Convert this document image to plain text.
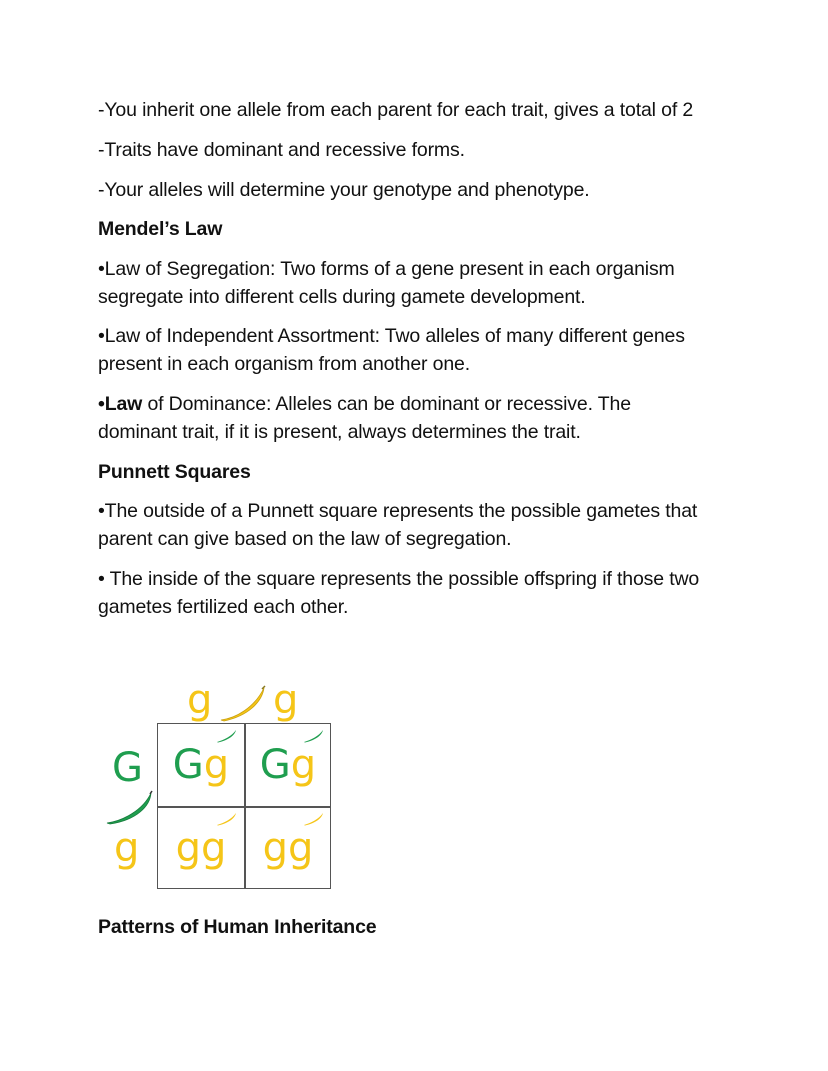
-You inherit one allele from each parent for each trait, gives a total of 2
-Traits have dominant and recessive forms.
-Your alleles will determine your genotype and phenotype.
Mendel’s Law
•Law of Segregation: Two forms of a gene present in each organism
segregate into different cells during gamete development.
•Law of Independent Assortment: Two alleles of many different genes
present in each organism from another one.
•Law of Dominance: Alleles can be dominant or recessive. The
dominant trait, if it is present, always determines the trait.
Punnett Squares
•The outside of a Punnett square represents the possible gametes that
parent can give based on the law of segregation.
• The inside of the square represents the possible offspring if those two
gametes fertilized each other.
g g
G
g
G g G g
g g g g
Patterns of Human Inheritance
